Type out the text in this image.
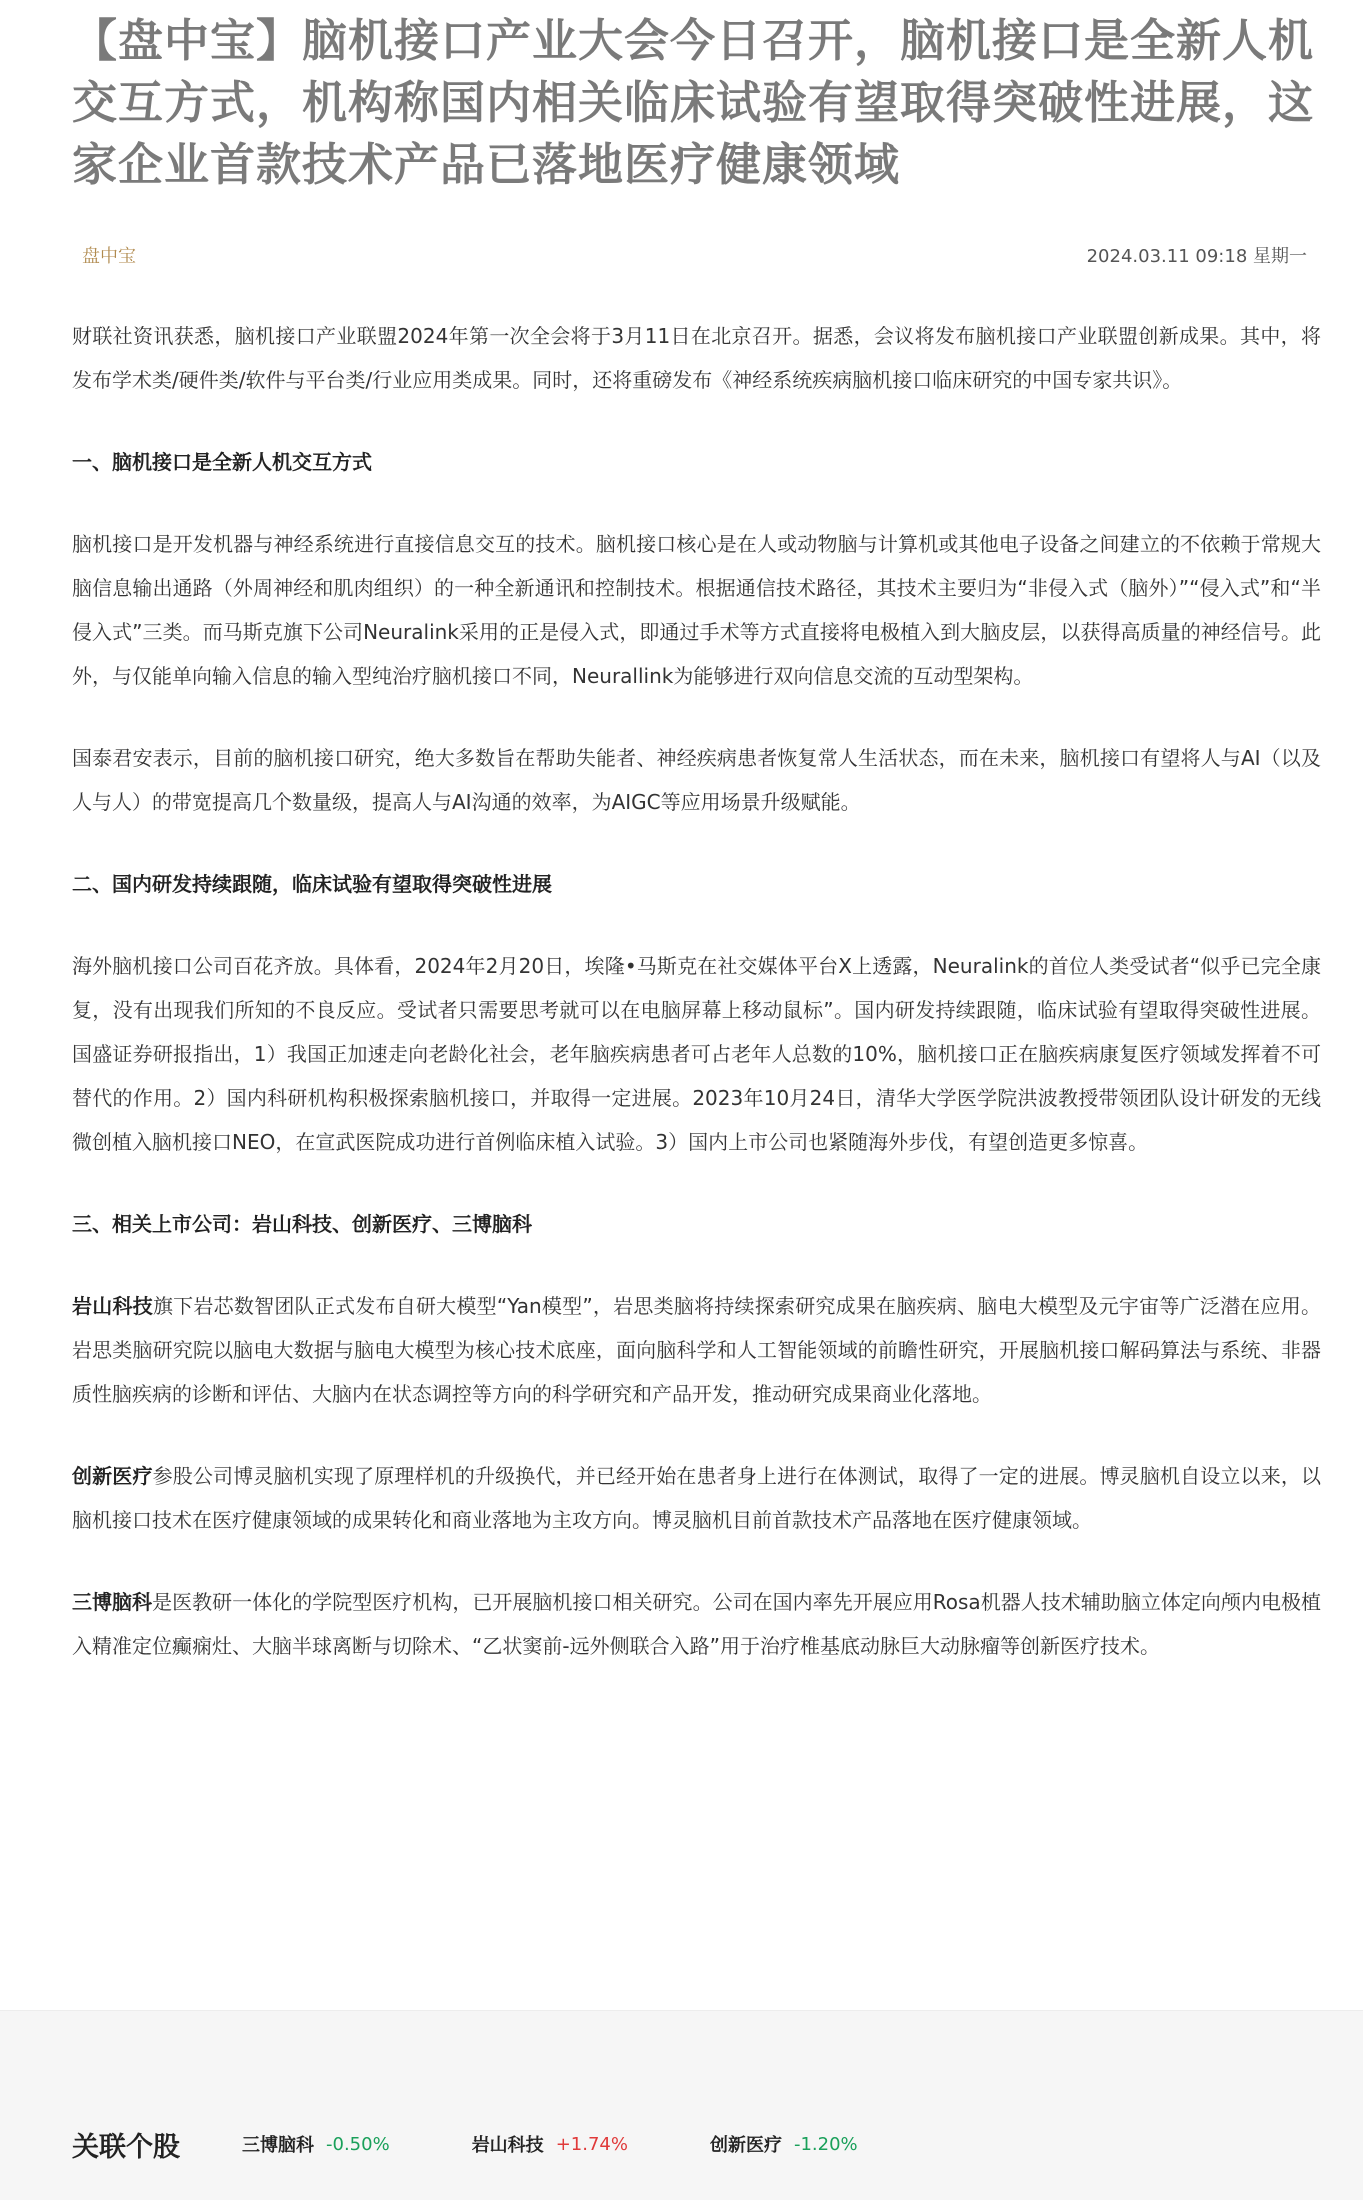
【盘中宝】脑机接口产业大会今日召开，脑机接口是全新人机交互方式，机构称国内相关临床试验有望取得突破性进展，这家企业首款技术产品已落地医疗健康领域
盘中宝	2024.03.11 09:18 星期一

财联社资讯获悉，脑机接口产业联盟2024年第一次全会将于3月11日在北京召开。据悉，会议将发布脑机接口产业联盟创新成果。其中，将发布学术类/硬件类/软件与平台类/行业应用类成果。同时，还将重磅发布《神经系统疾病脑机接口临床研究的中国专家共识》。

一、脑机接口是全新人机交互方式

脑机接口是开发机器与神经系统进行直接信息交互的技术。脑机接口核心是在人或动物脑与计算机或其他电子设备之间建立的不依赖于常规大脑信息输出通路（外周神经和肌肉组织）的一种全新通讯和控制技术。根据通信技术路径，其技术主要归为“非侵入式（脑外）”“侵入式”和“半侵入式”三类。而马斯克旗下公司Neuralink采用的正是侵入式，即通过手术等方式直接将电极植入到大脑皮层，以获得高质量的神经信号。此外，与仅能单向输入信息的输入型纯治疗脑机接口不同，Neurallink为能够进行双向信息交流的互动型架构。

国泰君安表示，目前的脑机接口研究，绝大多数旨在帮助失能者、神经疾病患者恢复常人生活状态，而在未来，脑机接口有望将人与AI（以及人与人）的带宽提高几个数量级，提高人与AI沟通的效率，为AIGC等应用场景升级赋能。

二、国内研发持续跟随，临床试验有望取得突破性进展

海外脑机接口公司百花齐放。具体看，2024年2月20日，埃隆•马斯克在社交媒体平台X上透露，Neuralink的首位人类受试者“似乎已完全康复，没有出现我们所知的不良反应。受试者只需要思考就可以在电脑屏幕上移动鼠标”。国内研发持续跟随，临床试验有望取得突破性进展。国盛证券研报指出，1）我国正加速走向老龄化社会，老年脑疾病患者可占老年人总数的10%，脑机接口正在脑疾病康复医疗领域发挥着不可替代的作用。2）国内科研机构积极探索脑机接口，并取得一定进展。2023年10月24日，清华大学医学院洪波教授带领团队设计研发的无线微创植入脑机接口NEO，在宣武医院成功进行首例临床植入试验。3）国内上市公司也紧随海外步伐，有望创造更多惊喜。

三、相关上市公司：岩山科技、创新医疗、三博脑科

岩山科技旗下岩芯数智团队正式发布自研大模型“Yan模型”，岩思类脑将持续探索研究成果在脑疾病、脑电大模型及元宇宙等广泛潜在应用。岩思类脑研究院以脑电大数据与脑电大模型为核心技术底座，面向脑科学和人工智能领域的前瞻性研究，开展脑机接口解码算法与系统、非器质性脑疾病的诊断和评估、大脑内在状态调控等方向的科学研究和产品开发，推动研究成果商业化落地。

创新医疗参股公司博灵脑机实现了原理样机的升级换代，并已经开始在患者身上进行在体测试，取得了一定的进展。博灵脑机自设立以来，以脑机接口技术在医疗健康领域的成果转化和商业落地为主攻方向。博灵脑机目前首款技术产品落地在医疗健康领域。

三博脑科是医教研一体化的学院型医疗机构，已开展脑机接口相关研究。公司在国内率先开展应用Rosa机器人技术辅助脑立体定向颅内电极植入精准定位癫痫灶、大脑半球离断与切除术、“乙状窦前-远外侧联合入路”用于治疗椎基底动脉巨大动脉瘤等创新医疗技术。

关联个股	三博脑科 -0.50%	岩山科技 +1.74%	创新医疗 -1.20%
